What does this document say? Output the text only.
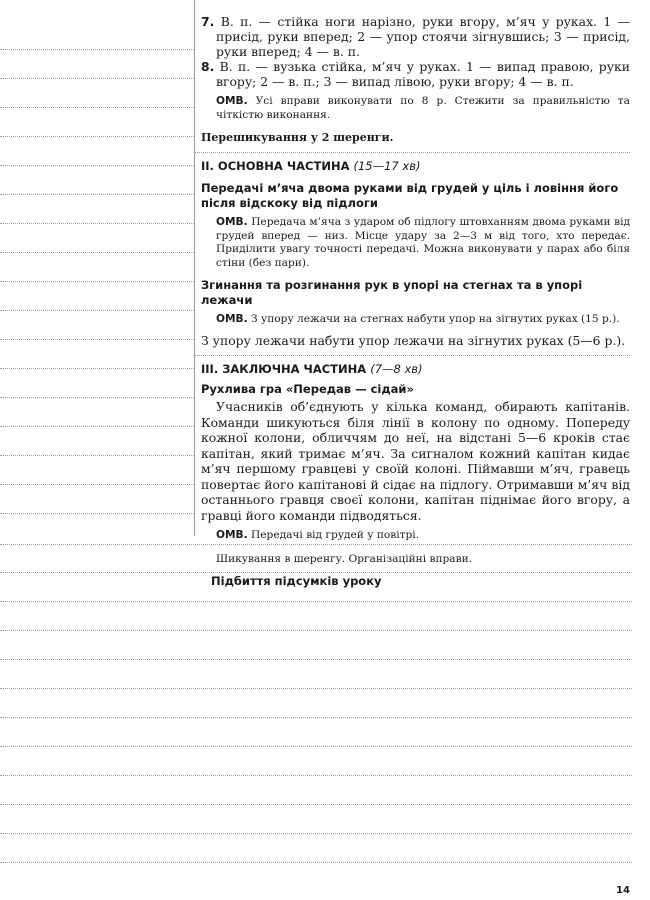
7. В. п. — стійка ноги нарізно, руки вгору, м’яч у руках. 1 — присід, руки вперед; 2 — упор стоячи зігнувшись; 3 — присід, руки вперед; 4 — в. п.

8. В. п. — вузька стійка, м’яч у руках. 1 — випад правою, руки вгору; 2 — в. п.; 3 — випад лівою, руки вгору; 4 — в. п.

ОМВ. Усі вправи виконувати по 8 р. Стежити за правильністю та чіткістю виконання.

Перешикування у 2 шеренги.

II. ОСНОВНА ЧАСТИНА (15—17 хв)

Передачі м’яча двома руками від грудей у ціль і ловіння його після відскоку від підлоги

ОМВ. Передача м’яча з ударом об підлогу штовханням двома руками від грудей вперед — низ. Місце удару за 2—3 м від того, хто передає. Приділити увагу точності передачі. Можна виконувати у парах або біля стіни (без пари).

Згинання та розгинання рук в упорі на стегнах та в упорі лежачи

ОМВ. З упору лежачи на стегнах набути упор на зігнутих руках (15 р.).

З упору лежачи набути упор лежачи на зігнутих руках (5—6 р.).

III. ЗАКЛЮЧНА ЧАСТИНА (7—8 хв)

Рухлива гра «Передав — сідай»

Учасників об’єднують у кілька команд, обирають капітанів. Команди шикуються біля лінії в колону по одному. Попереду кожної колони, обличчям до неї, на відстані 5—6 кроків стає капітан, який тримає м’яч. За сигналом кожний капітан кидає м’яч першому гравцеві у своїй колоні. Піймавши м’яч, гравець повертає його капітанові й сідає на підлогу. Отримавши м’яч від останнього гравця своєї колони, капітан піднімає його вгору, а гравці його команди підводяться.

ОМВ. Передачі від грудей у повітрі.

Шикування в шеренгу. Організаційні вправи.

Підбиття підсумків уроку

14
